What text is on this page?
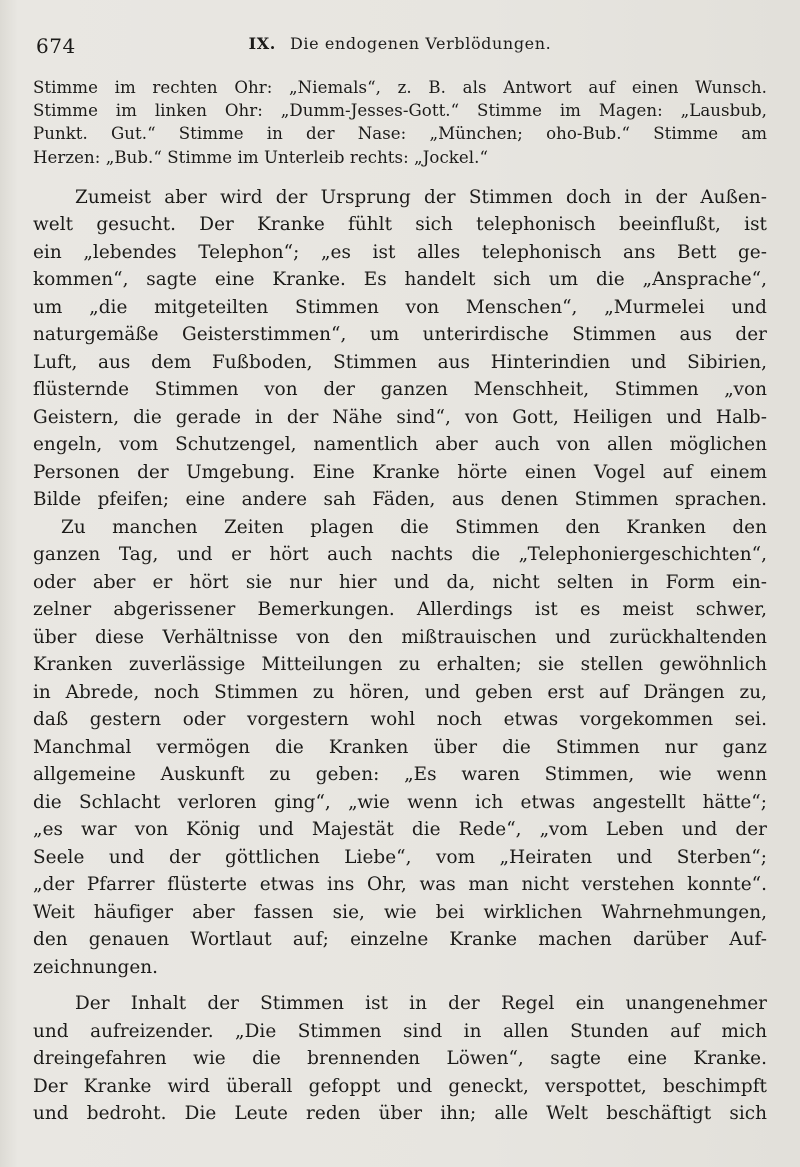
674	IX. Die endogenen Verblödungen.
Stimme im rechten Ohr: „Niemals“, z. B. als Antwort auf einen Wunsch.
Stimme im linken Ohr: „Dumm-Jesses-Gott.“ Stimme im Magen: „Lausbub,
Punkt. Gut.“ Stimme in der Nase: „München; oho-Bub.“ Stimme am
Herzen: „Bub.“ Stimme im Unterleib rechts: „Jockel.“
Zumeist aber wird der Ursprung der Stimmen doch in der Außen-
welt gesucht. Der Kranke fühlt sich telephonisch beeinflußt, ist
ein „lebendes Telephon“; „es ist alles telephonisch ans Bett ge-
kommen“, sagte eine Kranke. Es handelt sich um die „Ansprache“,
um „die mitgeteilten Stimmen von Menschen“, „Murmelei und
naturgemäße Geisterstimmen“, um unterirdische Stimmen aus der
Luft, aus dem Fußboden, Stimmen aus Hinterindien und Sibirien,
flüsternde Stimmen von der ganzen Menschheit, Stimmen „von
Geistern, die gerade in der Nähe sind“, von Gott, Heiligen und Halb-
engeln, vom Schutzengel, namentlich aber auch von allen möglichen
Personen der Umgebung. Eine Kranke hörte einen Vogel auf einem
Bilde pfeifen; eine andere sah Fäden, aus denen Stimmen sprachen.
Zu manchen Zeiten plagen die Stimmen den Kranken den
ganzen Tag, und er hört auch nachts die „Telephoniergeschichten“,
oder aber er hört sie nur hier und da, nicht selten in Form ein-
zelner abgerissener Bemerkungen. Allerdings ist es meist schwer,
über diese Verhältnisse von den mißtrauischen und zurückhaltenden
Kranken zuverlässige Mitteilungen zu erhalten; sie stellen gewöhnlich
in Abrede, noch Stimmen zu hören, und geben erst auf Drängen zu,
daß gestern oder vorgestern wohl noch etwas vorgekommen sei.
Manchmal vermögen die Kranken über die Stimmen nur ganz
allgemeine Auskunft zu geben: „Es waren Stimmen, wie wenn
die Schlacht verloren ging“, „wie wenn ich etwas angestellt hätte“;
„es war von König und Majestät die Rede“, „vom Leben und der
Seele und der göttlichen Liebe“, vom „Heiraten und Sterben“;
„der Pfarrer flüsterte etwas ins Ohr, was man nicht verstehen konnte“.
Weit häufiger aber fassen sie, wie bei wirklichen Wahrnehmungen,
den genauen Wortlaut auf; einzelne Kranke machen darüber Auf-
zeichnungen.
Der Inhalt der Stimmen ist in der Regel ein unangenehmer
und aufreizender. „Die Stimmen sind in allen Stunden auf mich
dreingefahren wie die brennenden Löwen“, sagte eine Kranke.
Der Kranke wird überall gefoppt und geneckt, verspottet, beschimpft
und bedroht. Die Leute reden über ihn; alle Welt beschäftigt sich
